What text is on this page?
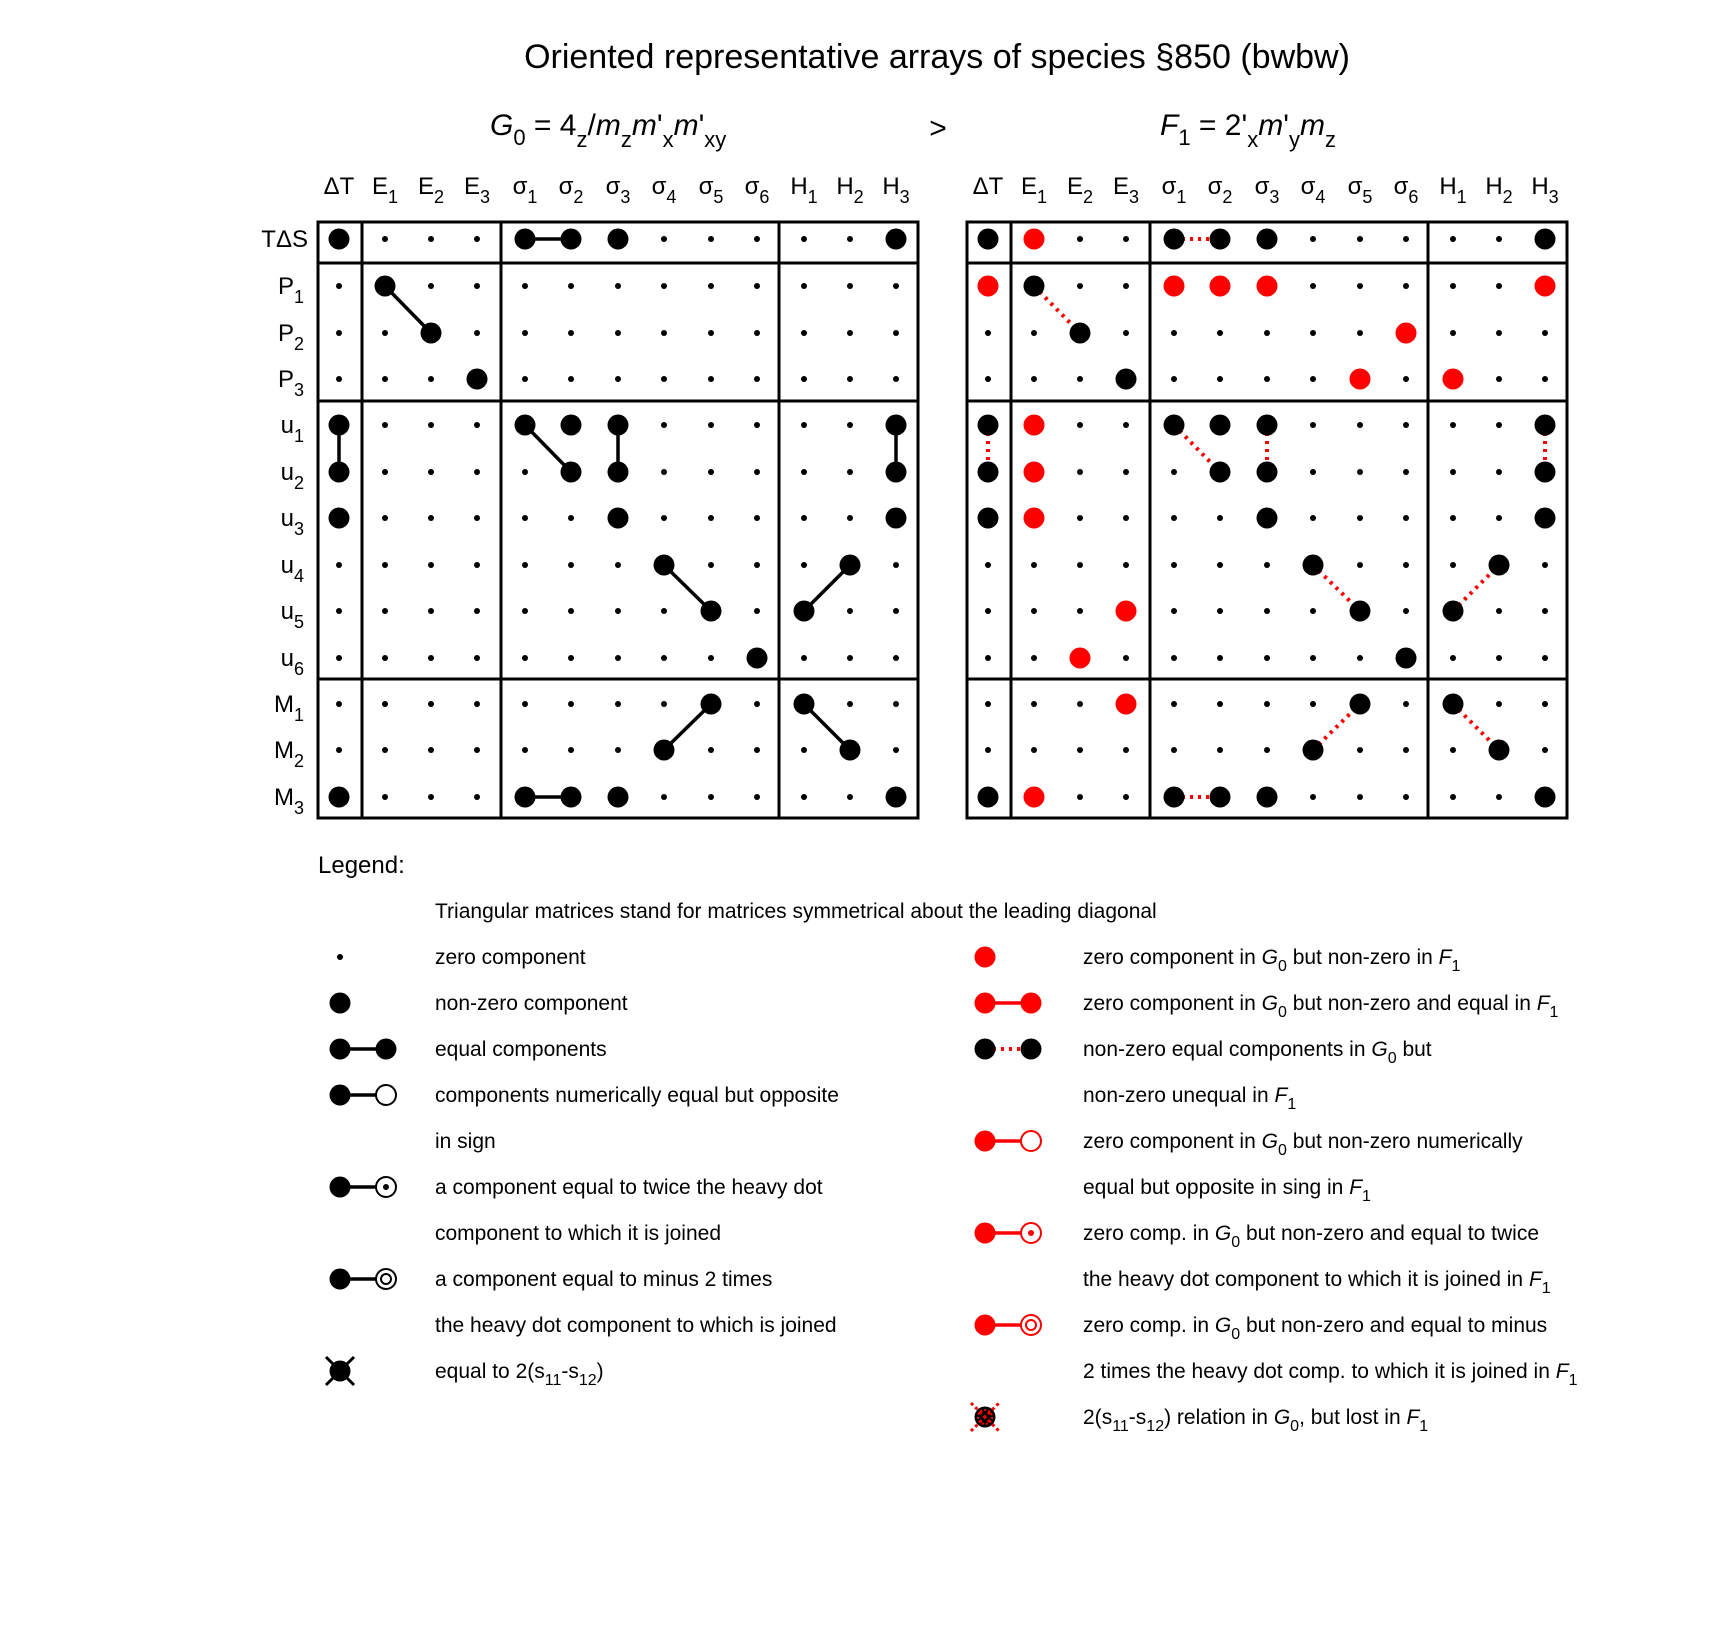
Oriented representative arrays of species §850 (bwbw)
$G_0 = 4_z/m_zm'_xm'_{xy}$	>	$F_1 = 2'_xm'_ym_z$
ΔT $E_1$ $E_2$ $E_3$ $\sigma_1$ $\sigma_2$ $\sigma_3$ $\sigma_4$ $\sigma_5$ $\sigma_6$ $H_1$ $H_2$ $H_3$
TΔS
$P_1$
$P_2$
$P_3$
$u_1$
$u_2$
$u_3$
$u_4$
$u_5$
$u_6$
$M_1$
$M_2$
$M_3$
ΔT $E_1$ $E_2$ $E_3$ $\sigma_1$ $\sigma_2$ $\sigma_3$ $\sigma_4$ $\sigma_5$ $\sigma_6$ $H_1$ $H_2$ $H_3$
Legend:
Triangular matrices stand for matrices symmetrical about the leading diagonal
zero component
non-zero component
equal components
components numerically equal but opposite
in sign
a component equal to twice the heavy dot
component to which it is joined
a component equal to minus 2 times
the heavy dot component to which is joined
equal to $2(s_{11}-s_{12})$
zero component in $G_0$ but non-zero in $F_1$
zero component in $G_0$ but non-zero and equal in $F_1$
non-zero equal components in $G_0$ but
non-zero unequal in $F_1$
zero component in $G_0$ but non-zero numerically
equal but opposite in sing in $F_1$
zero comp. in $G_0$ but non-zero and equal to twice
the heavy dot component to which it is joined in $F_1$
zero comp. in $G_0$ but non-zero and equal to minus
2 times the heavy dot comp. to which it is joined in $F_1$
$2(s_{11}-s_{12})$ relation in $G_0$, but lost in $F_1$
